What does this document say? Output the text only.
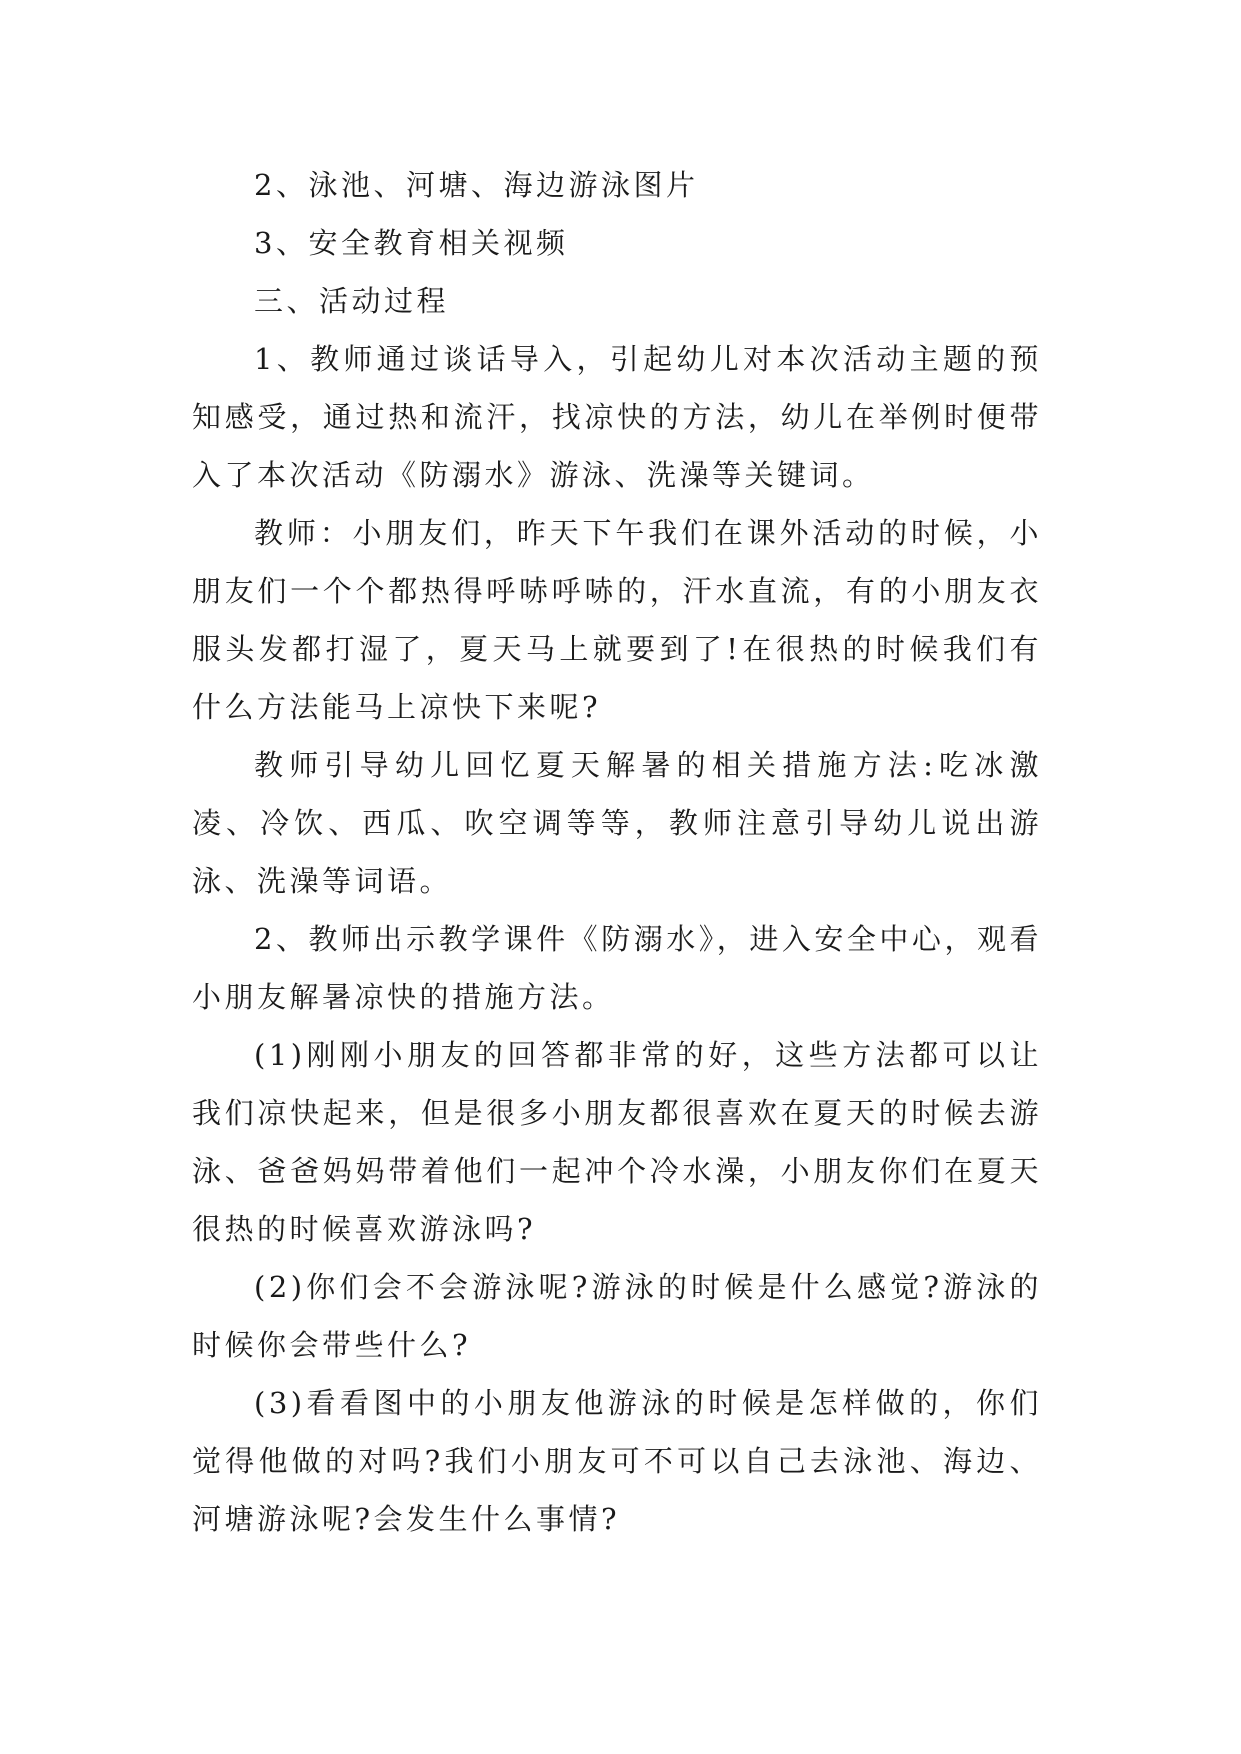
2、泳池、河塘、海边游泳图片

3、安全教育相关视频

三、活动过程

1、教师通过谈话导入，引起幼儿对本次活动主题的预知感受，通过热和流汗，找凉快的方法，幼儿在举例时便带入了本次活动《防溺水》游泳、洗澡等关键词。

教师：小朋友们，昨天下午我们在课外活动的时候，小朋友们一个个都热得呼哧呼哧的，汗水直流，有的小朋友衣服头发都打湿了，夏天马上就要到了!在很热的时候我们有什么方法能马上凉快下来呢?

教师引导幼儿回忆夏天解暑的相关措施方法:吃冰激凌、冷饮、西瓜、吹空调等等，教师注意引导幼儿说出游泳、洗澡等词语。

2、教师出示教学课件《防溺水》，进入安全中心，观看小朋友解暑凉快的措施方法。

(1)刚刚小朋友的回答都非常的好，这些方法都可以让我们凉快起来，但是很多小朋友都很喜欢在夏天的时候去游泳、爸爸妈妈带着他们一起冲个冷水澡，小朋友你们在夏天很热的时候喜欢游泳吗?

(2)你们会不会游泳呢?游泳的时候是什么感觉?游泳的时候你会带些什么?

(3)看看图中的小朋友他游泳的时候是怎样做的，你们觉得他做的对吗?我们小朋友可不可以自己去泳池、海边、河塘游泳呢?会发生什么事情?
